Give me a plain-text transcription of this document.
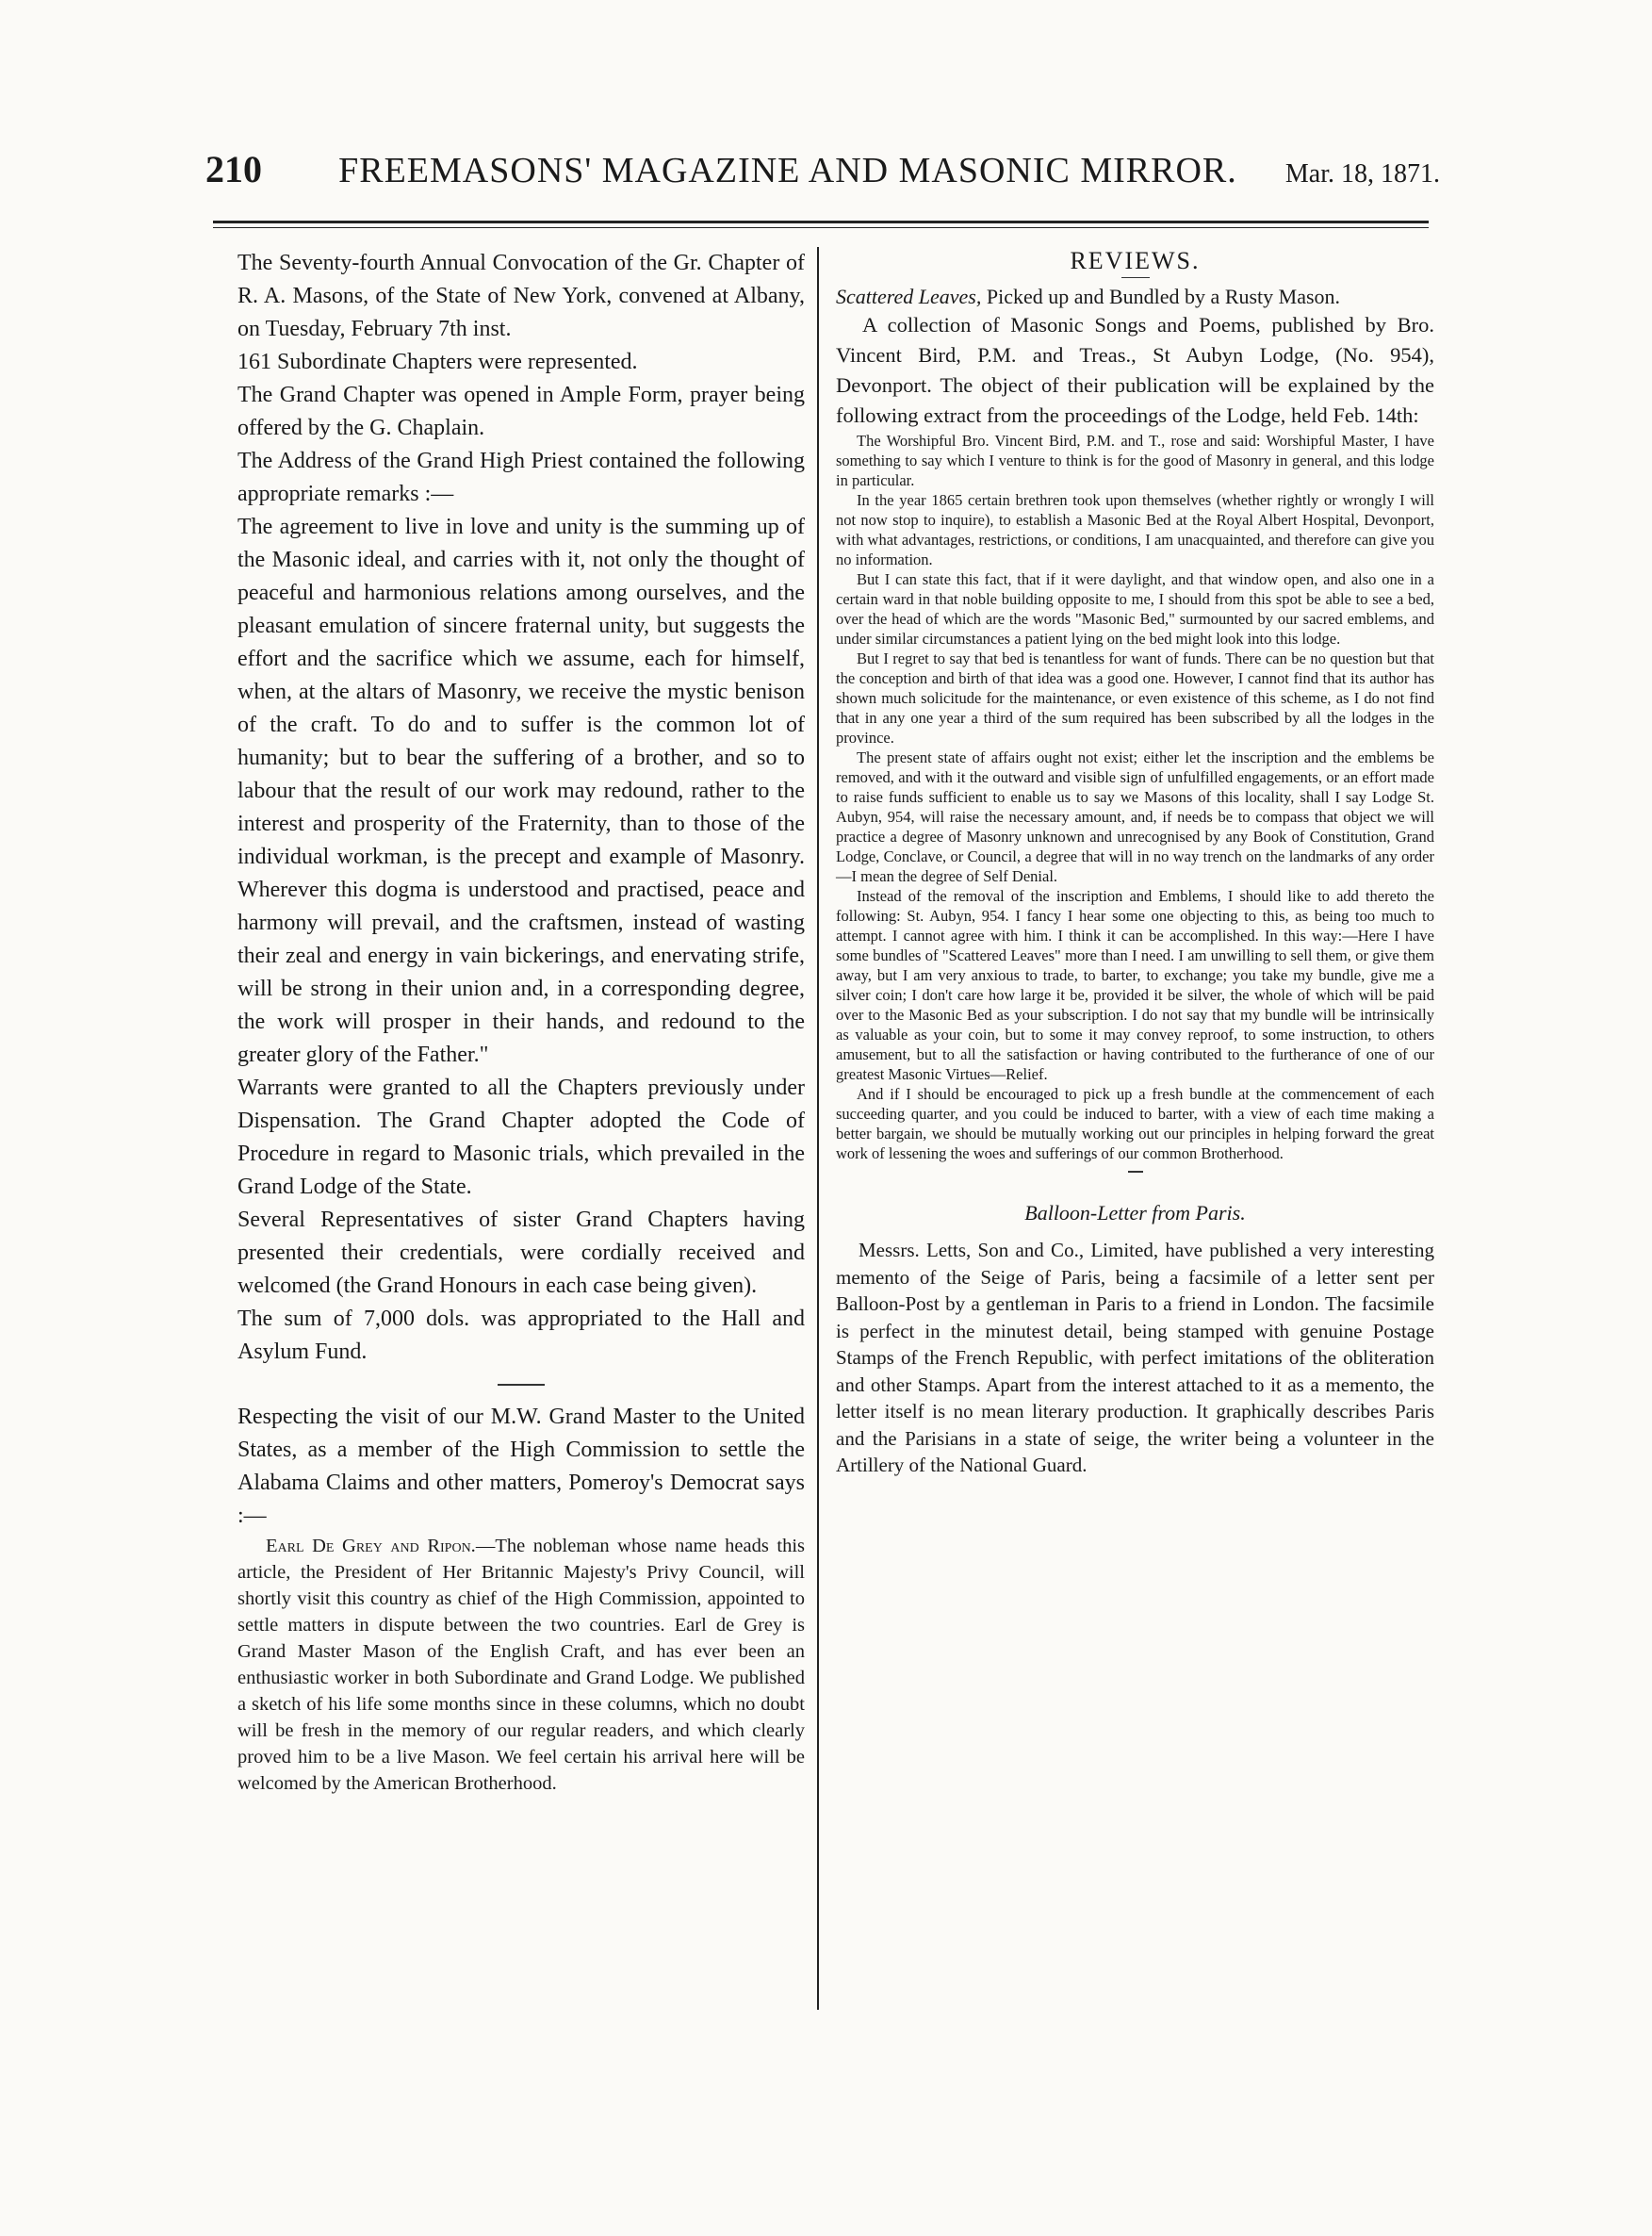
210	FREEMASONS' MAGAZINE AND MASONIC MIRROR.	Mar. 18, 1871.

The Seventy-fourth Annual Convocation of the Gr. Chapter of R. A. Masons, of the State of New York, convened at Albany, on Tuesday, February 7th inst.

161 Subordinate Chapters were represented.

The Grand Chapter was opened in Ample Form, prayer being offered by the G. Chaplain.

The Address of the Grand High Priest contained the following appropriate remarks :—

The agreement to live in love and unity is the summing up of the Masonic ideal, and carries with it, not only the thought of peaceful and harmonious relations among ourselves, and the pleasant emulation of sincere fraternal unity, but suggests the effort and the sacrifice which we assume, each for himself, when, at the altars of Masonry, we receive the mystic benison of the craft. To do and to suffer is the common lot of humanity; but to bear the suffering of a brother, and so to labour that the result of our work may redound, rather to the interest and prosperity of the Fraternity, than to those of the individual workman, is the precept and example of Masonry. Wherever this dogma is understood and practised, peace and harmony will prevail, and the craftsmen, instead of wasting their zeal and energy in vain bickerings, and enervating strife, will be strong in their union and, in a corresponding degree, the work will prosper in their hands, and redound to the greater glory of the Father."

Warrants were granted to all the Chapters previously under Dispensation. The Grand Chapter adopted the Code of Procedure in regard to Masonic trials, which prevailed in the Grand Lodge of the State.

Several Representatives of sister Grand Chapters having presented their credentials, were cordially received and welcomed (the Grand Honours in each case being given).

The sum of 7,000 dols. was appropriated to the Hall and Asylum Fund.

Respecting the visit of our M.W. Grand Master to the United States, as a member of the High Commission to settle the Alabama Claims and other matters, Pomeroy's Democrat says :—

Earl De Grey and Ripon.—The nobleman whose name heads this article, the President of Her Britannic Majesty's Privy Council, will shortly visit this country as chief of the High Commission, appointed to settle matters in dispute between the two countries. Earl de Grey is Grand Master Mason of the English Craft, and has ever been an enthusiastic worker in both Subordinate and Grand Lodge. We published a sketch of his life some months since in these columns, which no doubt will be fresh in the memory of our regular readers, and which clearly proved him to be a live Mason. We feel certain his arrival here will be welcomed by the American Brotherhood.

REVIEWS.

Scattered Leaves, Picked up and Bundled by a Rusty Mason.

A collection of Masonic Songs and Poems, published by Bro. Vincent Bird, P.M. and Treas., St Aubyn Lodge, (No. 954), Devonport. The object of their publication will be explained by the following extract from the proceedings of the Lodge, held Feb. 14th:

The Worshipful Bro. Vincent Bird, P.M. and T., rose and said: Worshipful Master, I have something to say which I venture to think is for the good of Masonry in general, and this lodge in particular.

In the year 1865 certain brethren took upon themselves (whether rightly or wrongly I will not now stop to inquire), to establish a Masonic Bed at the Royal Albert Hospital, Devonport, with what advantages, restrictions, or conditions, I am unacquainted, and therefore can give you no information.

But I can state this fact, that if it were daylight, and that window open, and also one in a certain ward in that noble building opposite to me, I should from this spot be able to see a bed, over the head of which are the words "Masonic Bed," surmounted by our sacred emblems, and under similar circumstances a patient lying on the bed might look into this lodge.

But I regret to say that bed is tenantless for want of funds. There can be no question but that the conception and birth of that idea was a good one. However, I cannot find that its author has shown much solicitude for the maintenance, or even existence of this scheme, as I do not find that in any one year a third of the sum required has been subscribed by all the lodges in the province.

The present state of affairs ought not exist; either let the inscription and the emblems be removed, and with it the outward and visible sign of unfulfilled engagements, or an effort made to raise funds sufficient to enable us to say we Masons of this locality, shall I say Lodge St. Aubyn, 954, will raise the necessary amount, and, if needs be to compass that object we will practice a degree of Masonry unknown and unrecognised by any Book of Constitution, Grand Lodge, Conclave, or Council, a degree that will in no way trench on the landmarks of any order—I mean the degree of Self Denial.

Instead of the removal of the inscription and Emblems, I should like to add thereto the following: St. Aubyn, 954. I fancy I hear some one objecting to this, as being too much to attempt. I cannot agree with him. I think it can be accomplished. In this way:—Here I have some bundles of "Scattered Leaves" more than I need. I am unwilling to sell them, or give them away, but I am very anxious to trade, to barter, to exchange; you take my bundle, give me a silver coin; I don't care how large it be, provided it be silver, the whole of which will be paid over to the Masonic Bed as your subscription. I do not say that my bundle will be intrinsically as valuable as your coin, but to some it may convey reproof, to some instruction, to others amusement, but to all the satisfaction or having contributed to the furtherance of one of our greatest Masonic Virtues—Relief.

And if I should be encouraged to pick up a fresh bundle at the commencement of each succeeding quarter, and you could be induced to barter, with a view of each time making a better bargain, we should be mutually working out our principles in helping forward the great work of lessening the woes and sufferings of our common Brotherhood.

Balloon-Letter from Paris.

Messrs. Letts, Son and Co., Limited, have published a very interesting memento of the Seige of Paris, being a facsimile of a letter sent per Balloon-Post by a gentleman in Paris to a friend in London. The facsimile is perfect in the minutest detail, being stamped with genuine Postage Stamps of the French Republic, with perfect imitations of the obliteration and other Stamps. Apart from the interest attached to it as a memento, the letter itself is no mean literary production. It graphically describes Paris and the Parisians in a state of seige, the writer being a volunteer in the Artillery of the National Guard.
